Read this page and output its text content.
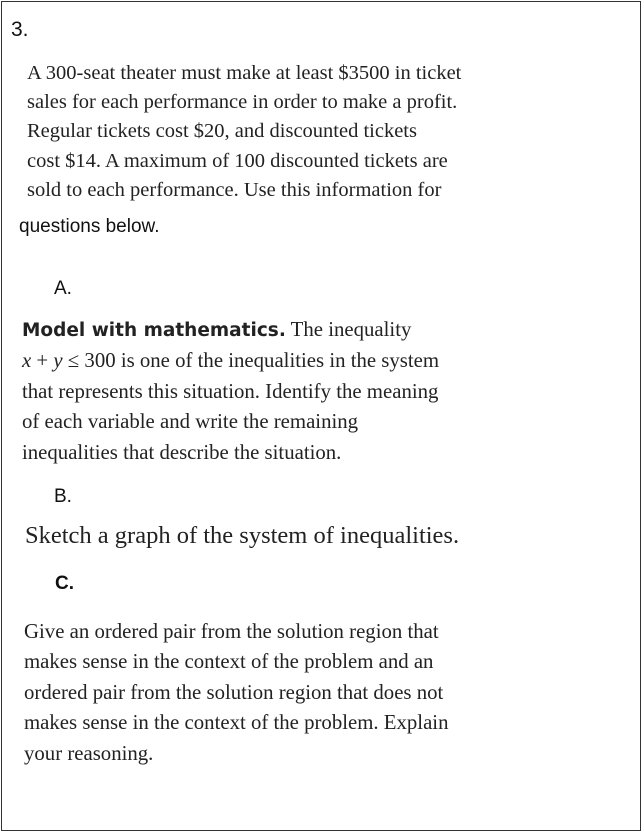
3.
A 300-seat theater must make at least $3500 in ticket
sales for each performance in order to make a profit.
Regular tickets cost $20, and discounted tickets
cost $14. A maximum of 100 discounted tickets are
sold to each performance. Use this information for
questions below.
A.
Model with mathematics. The inequality
x + y ≤ 300 is one of the inequalities in the system
that represents this situation. Identify the meaning
of each variable and write the remaining
inequalities that describe the situation.
B.
Sketch a graph of the system of inequalities.
C.
Give an ordered pair from the solution region that
makes sense in the context of the problem and an
ordered pair from the solution region that does not
makes sense in the context of the problem. Explain
your reasoning.
